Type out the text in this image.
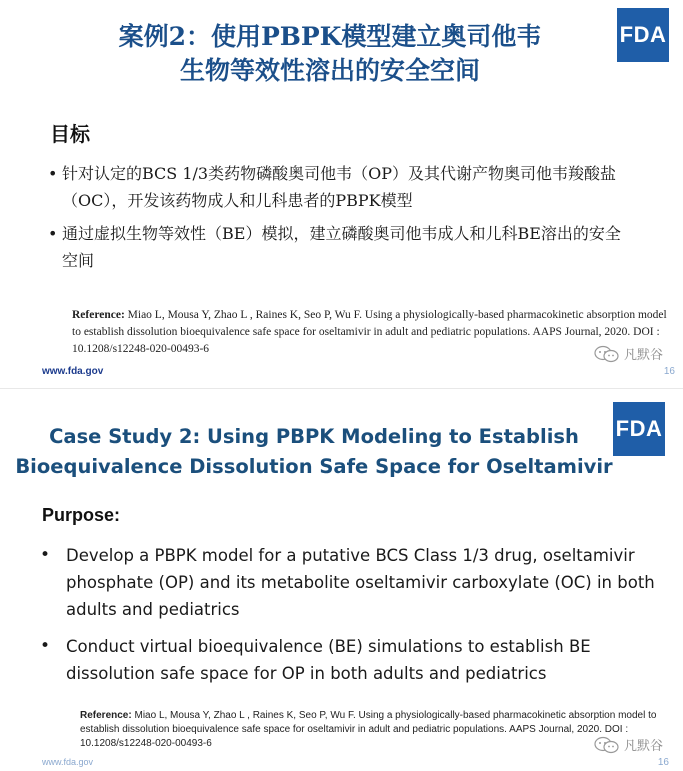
FDA
案例2：使用PBPK模型建立奥司他韦
生物等效性溶出的安全空间
目标
• 针对认定的BCS 1/3类药物磷酸奥司他韦（OP）及其代谢产物奥司他韦羧酸盐（OC），开发该药物成人和儿科患者的PBPK模型
• 通过虚拟生物等效性（BE）模拟，建立磷酸奥司他韦成人和儿科BE溶出的安全空间
Reference: Miao L, Mousa Y, Zhao L , Raines K, Seo P, Wu F. Using a physiologically-based pharmacokinetic absorption model to establish dissolution bioequivalence safe space for oseltamivir in adult and pediatric populations. AAPS Journal, 2020. DOI : 10.1208/s12248-020-00493-6	凡默谷
www.fda.gov	16
FDA
Case Study 2: Using PBPK Modeling to Establish
Bioequivalence Dissolution Safe Space for Oseltamivir
Purpose:
• Develop a PBPK model for a putative BCS Class 1/3 drug, oseltamivir phosphate (OP) and its metabolite oseltamivir carboxylate (OC) in both adults and pediatrics
• Conduct virtual bioequivalence (BE) simulations to establish BE dissolution safe space for OP in both adults and pediatrics
Reference: Miao L, Mousa Y, Zhao L , Raines K, Seo P, Wu F. Using a physiologically-based pharmacokinetic absorption model to establish dissolution bioequivalence safe space for oseltamivir in adult and pediatric populations. AAPS Journal, 2020. DOI : 10.1208/s12248-020-00493-6	凡默谷
www.fda.gov	16
